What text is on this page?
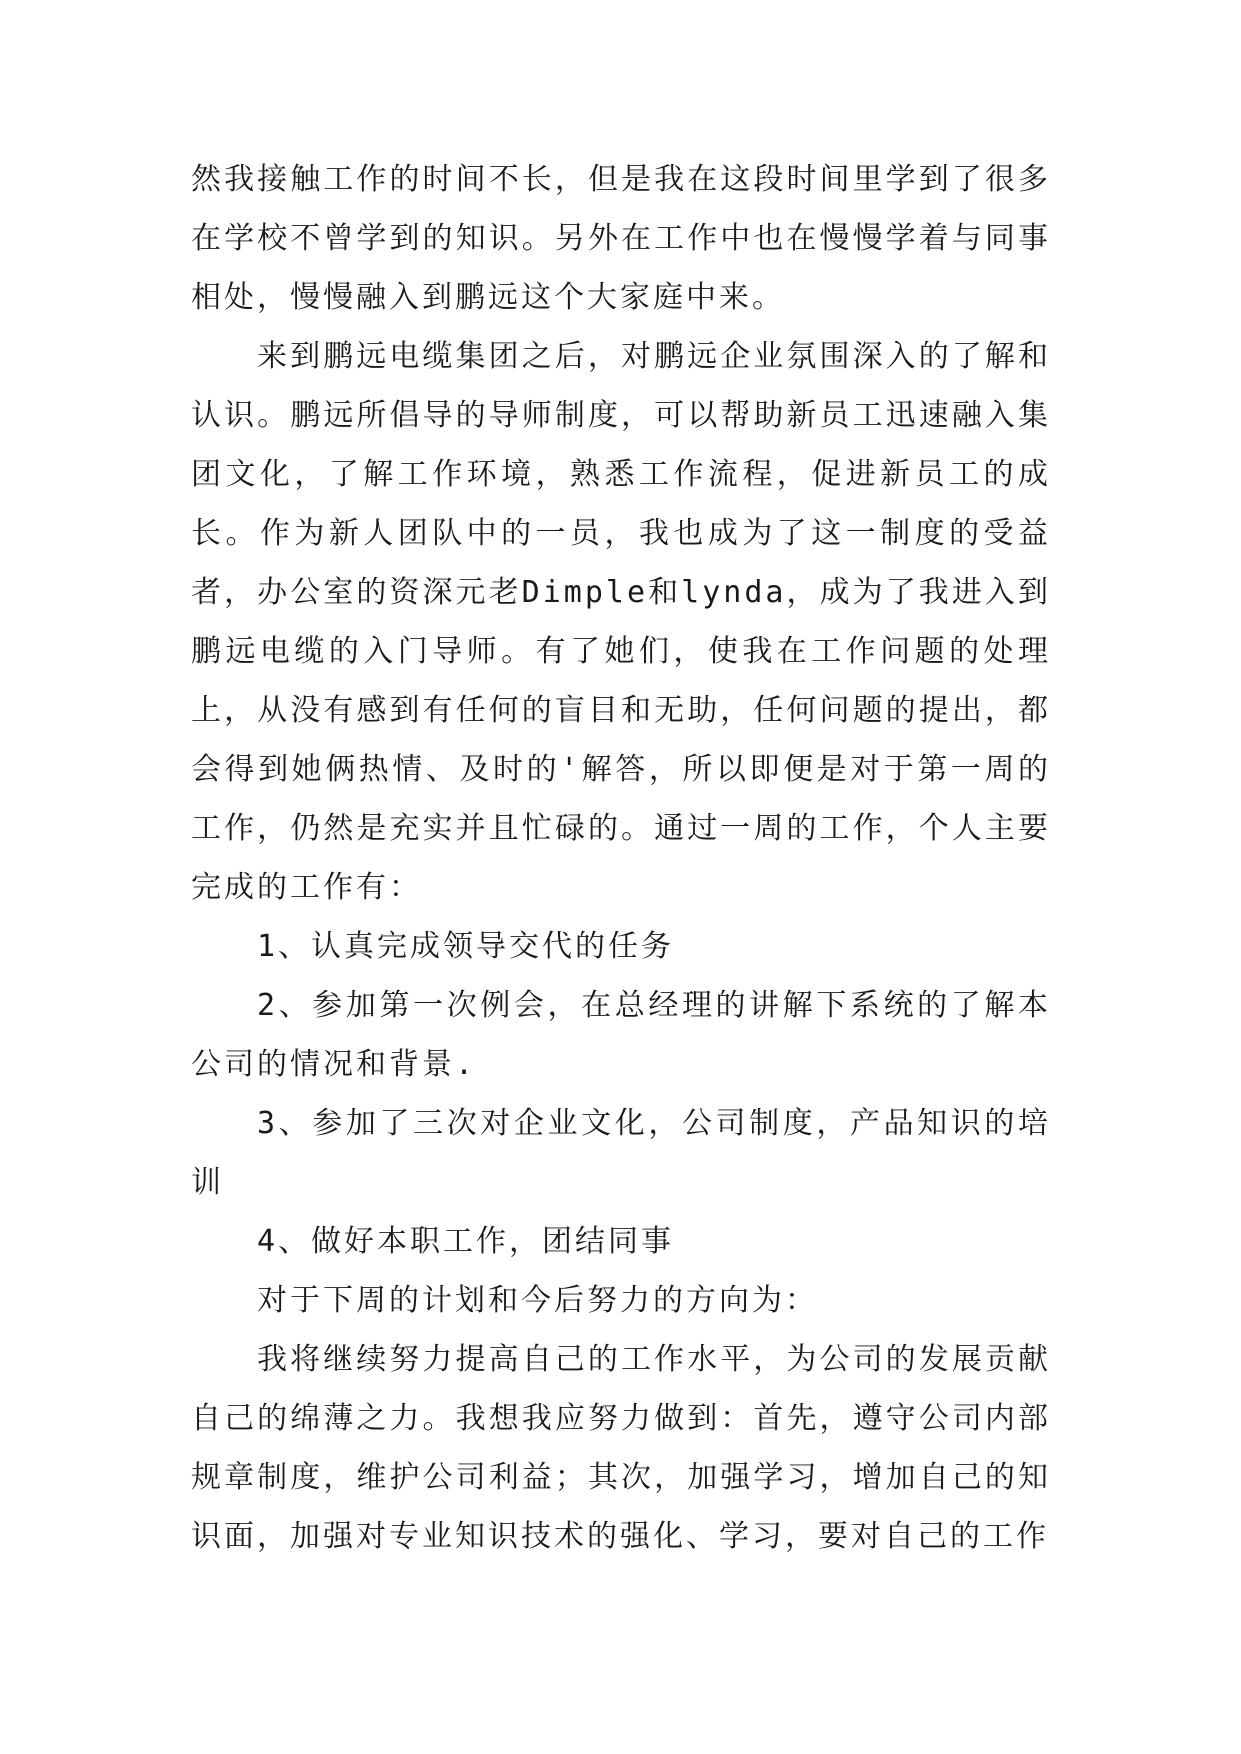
然我接触工作的时间不长，但是我在这段时间里学到了很多在学校不曾学到的知识。另外在工作中也在慢慢学着与同事相处，慢慢融入到鹏远这个大家庭中来。

来到鹏远电缆集团之后，对鹏远企业氛围深入的了解和认识。鹏远所倡导的导师制度，可以帮助新员工迅速融入集团文化，了解工作环境，熟悉工作流程，促进新员工的成长。作为新人团队中的一员，我也成为了这一制度的受益者，办公室的资深元老Dimple和lynda，成为了我进入到鹏远电缆的入门导师。有了她们，使我在工作问题的处理上，从没有感到有任何的盲目和无助，任何问题的提出，都会得到她俩热情、及时的'解答，所以即便是对于第一周的工作，仍然是充实并且忙碌的。通过一周的工作，个人主要完成的工作有：

1、认真完成领导交代的任务

2、参加第一次例会，在总经理的讲解下系统的了解本公司的情况和背景.

3、参加了三次对企业文化，公司制度，产品知识的培训

4、做好本职工作，团结同事

对于下周的计划和今后努力的方向为：

我将继续努力提高自己的工作水平，为公司的发展贡献自己的绵薄之力。我想我应努力做到：首先，遵守公司内部规章制度，维护公司利益；其次，加强学习，增加自己的知识面，加强对专业知识技术的强化、学习，要对自己的工作
